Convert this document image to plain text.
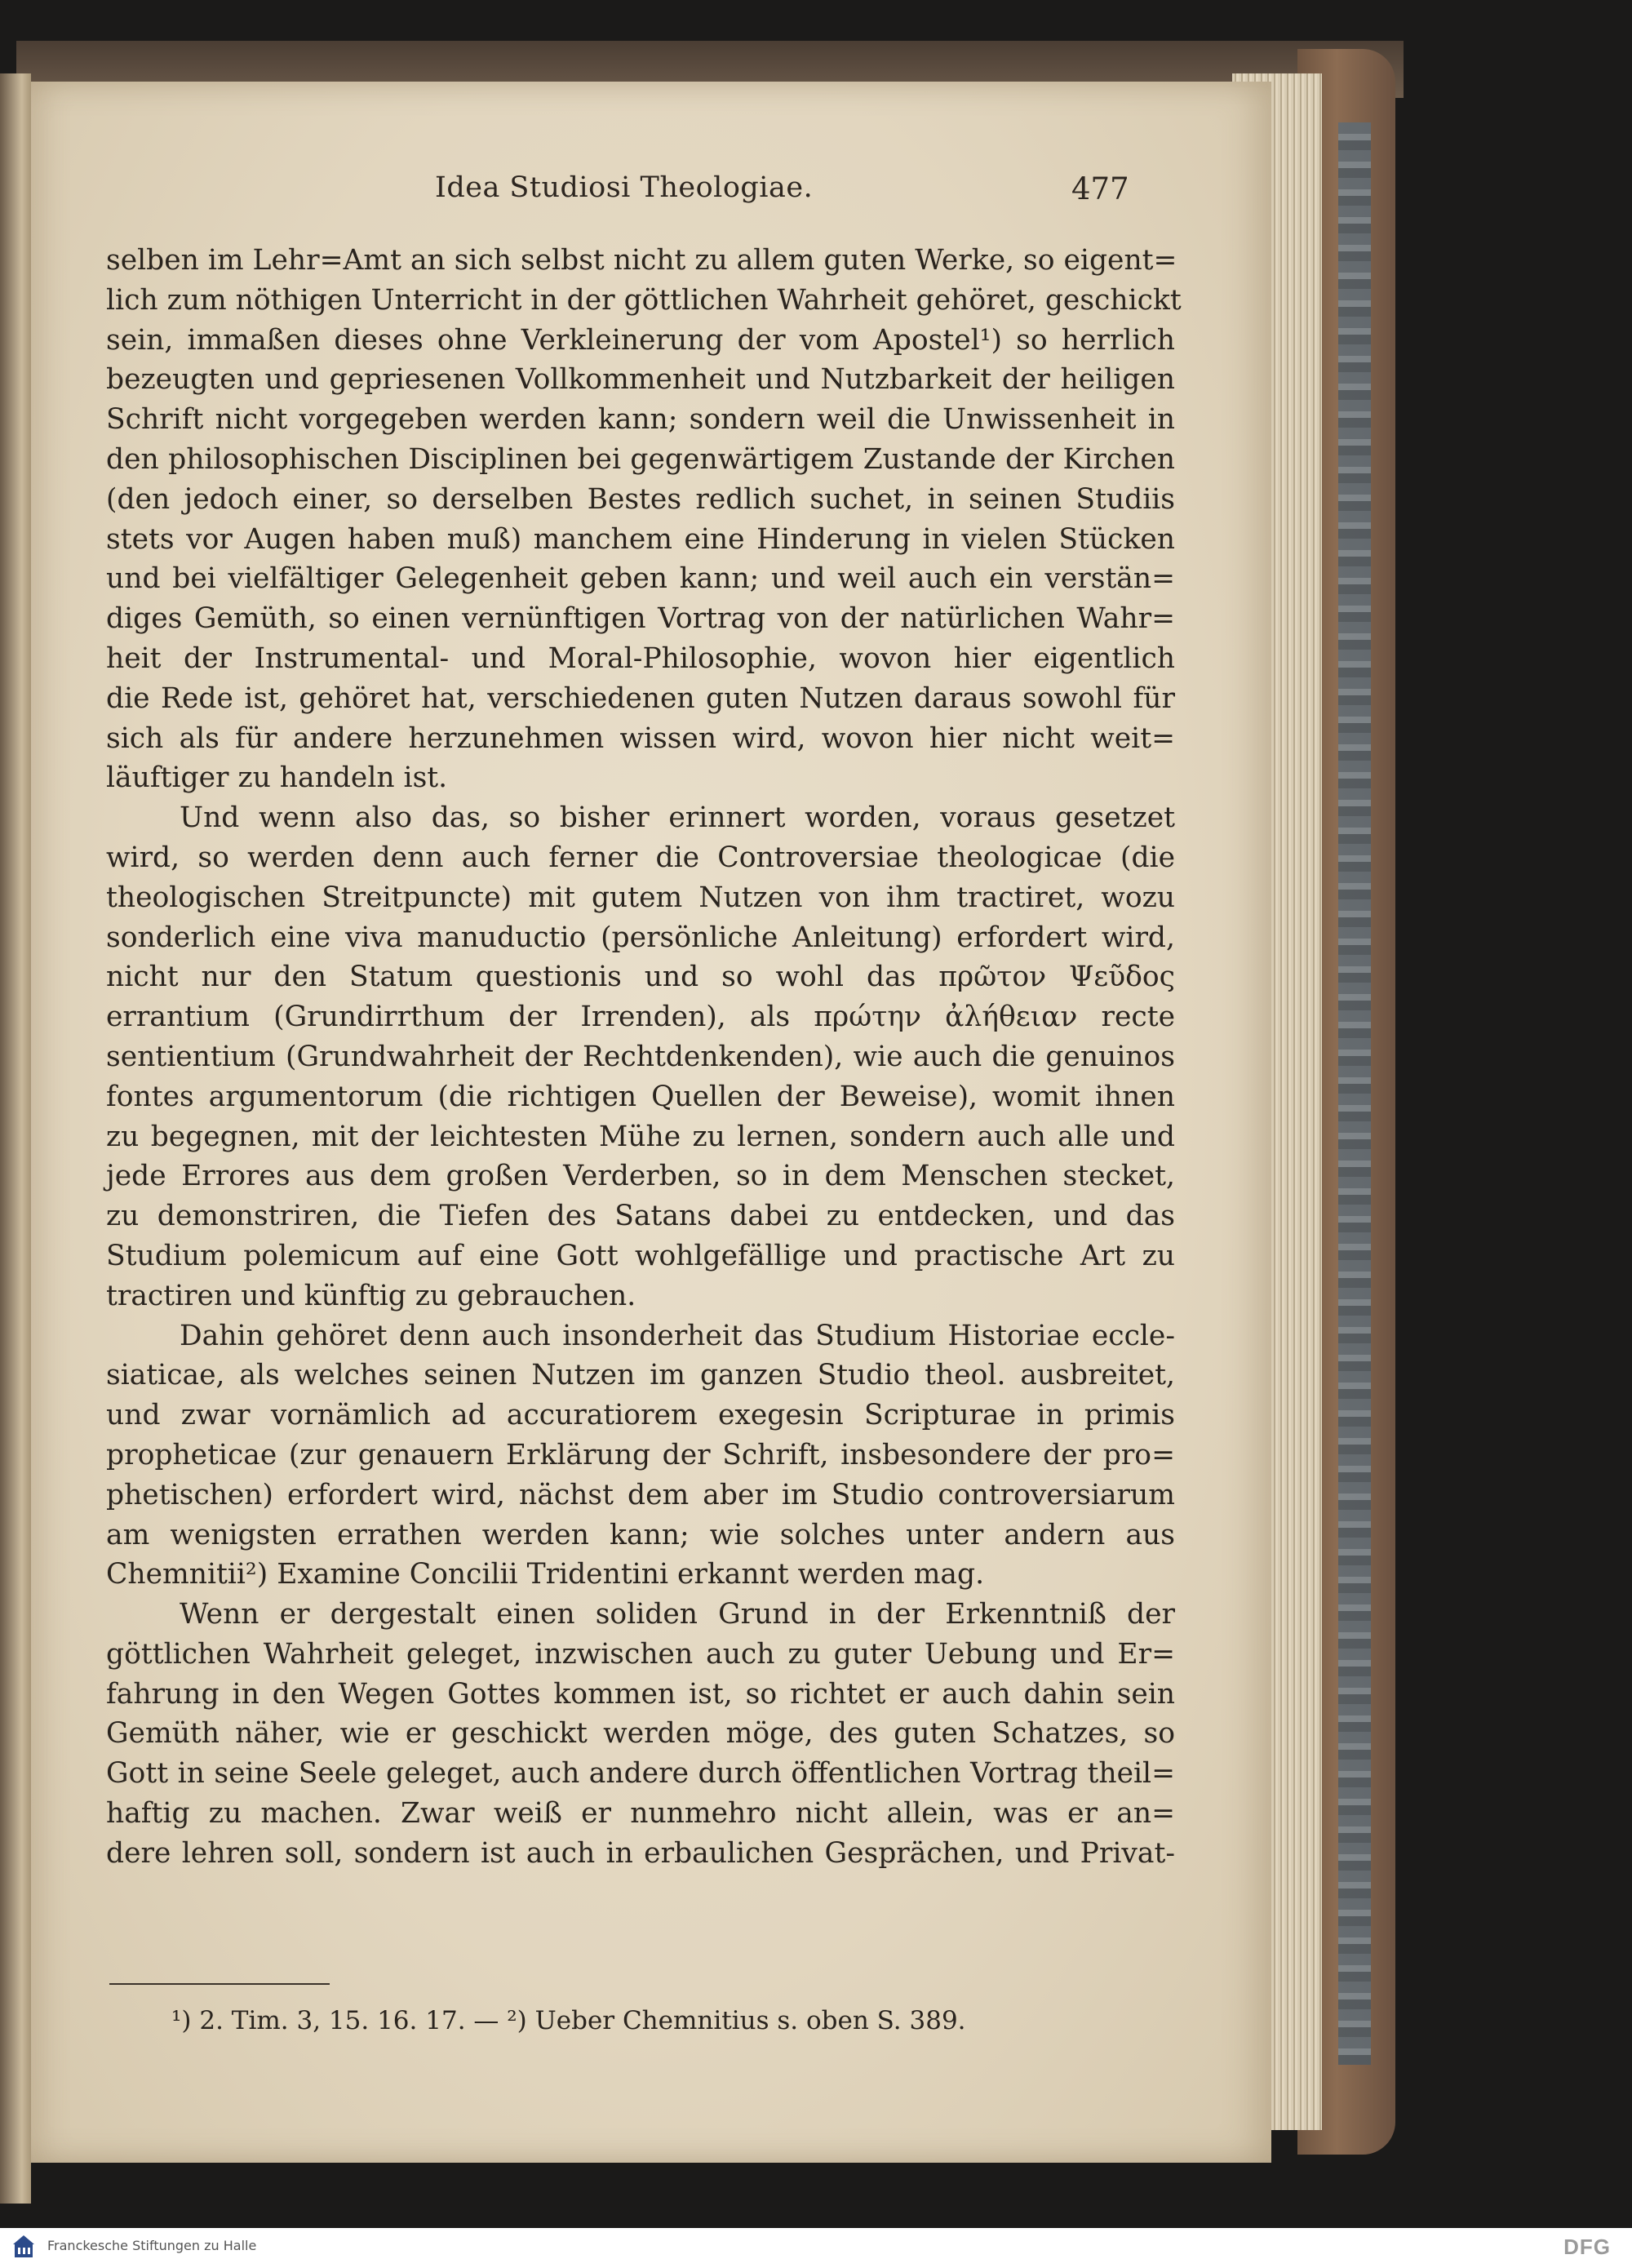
Idea Studiosi Theologiae.	477
selben im Lehr=Amt an sich selbst nicht zu allem guten Werke, so eigent=
lich zum nöthigen Unterricht in der göttlichen Wahrheit gehöret, geschickt
sein, immaßen dieses ohne Verkleinerung der vom Apostel¹) so herrlich
bezeugten und gepriesenen Vollkommenheit und Nutzbarkeit der heiligen
Schrift nicht vorgegeben werden kann; sondern weil die Unwissenheit in
den philosophischen Disciplinen bei gegenwärtigem Zustande der Kirchen
(den jedoch einer, so derselben Bestes redlich suchet, in seinen Studiis
stets vor Augen haben muß) manchem eine Hinderung in vielen Stücken
und bei vielfältiger Gelegenheit geben kann; und weil auch ein verstän=
diges Gemüth, so einen vernünftigen Vortrag von der natürlichen Wahr=
heit der Instrumental- und Moral-Philosophie, wovon hier eigentlich
die Rede ist, gehöret hat, verschiedenen guten Nutzen daraus sowohl für
sich als für andere herzunehmen wissen wird, wovon hier nicht weit=
läuftiger zu handeln ist.
Und wenn also das, so bisher erinnert worden, voraus gesetzet
wird, so werden denn auch ferner die Controversiae theologicae (die
theologischen Streitpuncte) mit gutem Nutzen von ihm tractiret, wozu
sonderlich eine viva manuductio (persönliche Anleitung) erfordert wird,
nicht nur den Statum questionis und so wohl das πρῶτον Ψεῦδος
errantium (Grundirrthum der Irrenden), als πρώτην ἀλήθειαν recte
sentientium (Grundwahrheit der Rechtdenkenden), wie auch die genuinos
fontes argumentorum (die richtigen Quellen der Beweise), womit ihnen
zu begegnen, mit der leichtesten Mühe zu lernen, sondern auch alle und
jede Errores aus dem großen Verderben, so in dem Menschen stecket,
zu demonstriren, die Tiefen des Satans dabei zu entdecken, und das
Studium polemicum auf eine Gott wohlgefällige und practische Art zu
tractiren und künftig zu gebrauchen.
Dahin gehöret denn auch insonderheit das Studium Historiae eccle-
siaticae, als welches seinen Nutzen im ganzen Studio theol. ausbreitet,
und zwar vornämlich ad accuratiorem exegesin Scripturae in primis
propheticae (zur genauern Erklärung der Schrift, insbesondere der pro=
phetischen) erfordert wird, nächst dem aber im Studio controversiarum
am wenigsten errathen werden kann; wie solches unter andern aus
Chemnitii²) Examine Concilii Tridentini erkannt werden mag.
Wenn er dergestalt einen soliden Grund in der Erkenntniß der
göttlichen Wahrheit geleget, inzwischen auch zu guter Uebung und Er=
fahrung in den Wegen Gottes kommen ist, so richtet er auch dahin sein
Gemüth näher, wie er geschickt werden möge, des guten Schatzes, so
Gott in seine Seele geleget, auch andere durch öffentlichen Vortrag theil=
haftig zu machen. Zwar weiß er nunmehro nicht allein, was er an=
dere lehren soll, sondern ist auch in erbaulichen Gesprächen, und Privat-
¹) 2. Tim. 3, 15. 16. 17. — ²) Ueber Chemnitius s. oben S. 389.
Franckesche Stiftungen zu Halle	DFG
